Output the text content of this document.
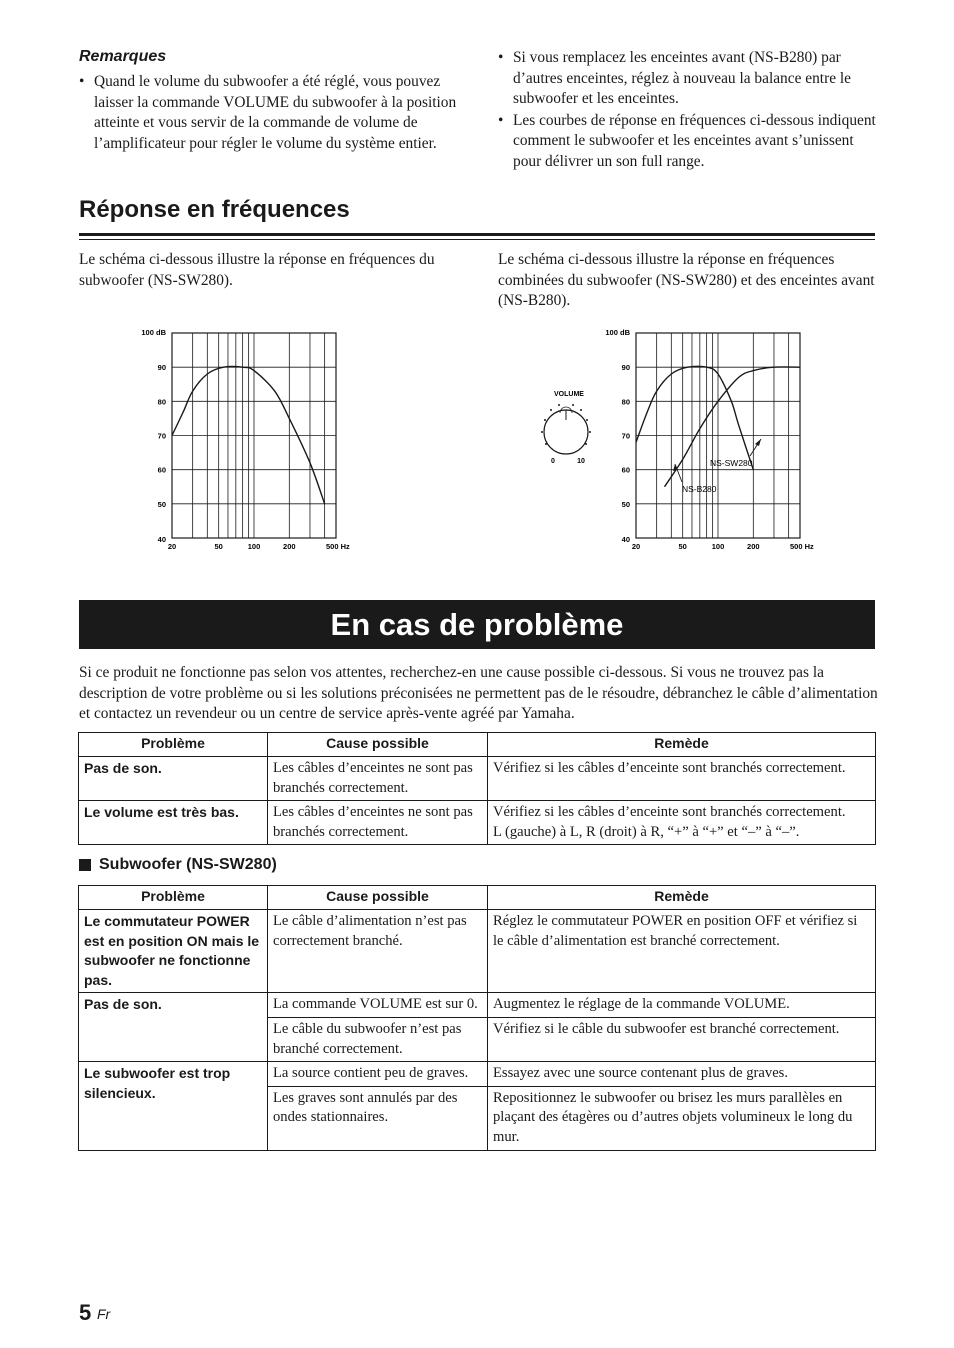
Remarques
• Quand le volume du subwoofer a été réglé, vous pouvez laisser la commande VOLUME du subwoofer à la position atteinte et vous servir de la commande de volume de l’amplificateur pour régler le volume du système entier.
• Si vous remplacez les enceintes avant (NS-B280) par d’autres enceintes, réglez à nouveau la balance entre le subwoofer et les enceintes.
• Les courbes de réponse en fréquences ci-dessous indiquent comment le subwoofer et les enceintes avant s’unissent pour délivrer un son full range.
Réponse en fréquences
Le schéma ci-dessous illustre la réponse en fréquences du subwoofer (NS-SW280).
Le schéma ci-dessous illustre la réponse en fréquences combinées du subwoofer (NS-SW280) et des enceintes avant (NS-B280).
100 dB
90
80
70
60
50
40
20	50	100	200	500 Hz
VOLUME
0	10
100 dB
90
80
70
60
50
40
20	50	100	200	500 Hz
NS-SW280
NS-B280
En cas de problème
Si ce produit ne fonctionne pas selon vos attentes, recherchez-en une cause possible ci-dessous. Si vous ne trouvez pas la description de votre problème ou si les solutions préconisées ne permettent pas de le résoudre, débranchez le câble d’alimentation et contactez un revendeur ou un centre de service après-vente agréé par Yamaha.
Problème	Cause possible	Remède
Pas de son.	Les câbles d’enceintes ne sont pas branchés correctement.	Vérifiez si les câbles d’enceinte sont branchés correctement.
Le volume est très bas.	Les câbles d’enceintes ne sont pas branchés correctement.	Vérifiez si les câbles d’enceinte sont branchés correctement.
L (gauche) à L, R (droit) à R, “+” à “+” et “–” à “–”.
Subwoofer (NS-SW280)
Problème	Cause possible	Remède
Le commutateur POWER est en position ON mais le subwoofer ne fonctionne pas.	Le câble d’alimentation n’est pas correctement branché.	Réglez le commutateur POWER en position OFF et vérifiez si le câble d’alimentation est branché correctement.
Pas de son.	La commande VOLUME est sur 0.	Augmentez le réglage de la commande VOLUME.
	Le câble du subwoofer n’est pas branché correctement.	Vérifiez si le câble du subwoofer est branché correctement.
Le subwoofer est trop silencieux.	La source contient peu de graves.	Essayez avec une source contenant plus de graves.
	Les graves sont annulés par des ondes stationnaires.	Repositionnez le subwoofer ou brisez les murs parallèles en plaçant des étagères ou d’autres objets volumineux le long du mur.
5 Fr
